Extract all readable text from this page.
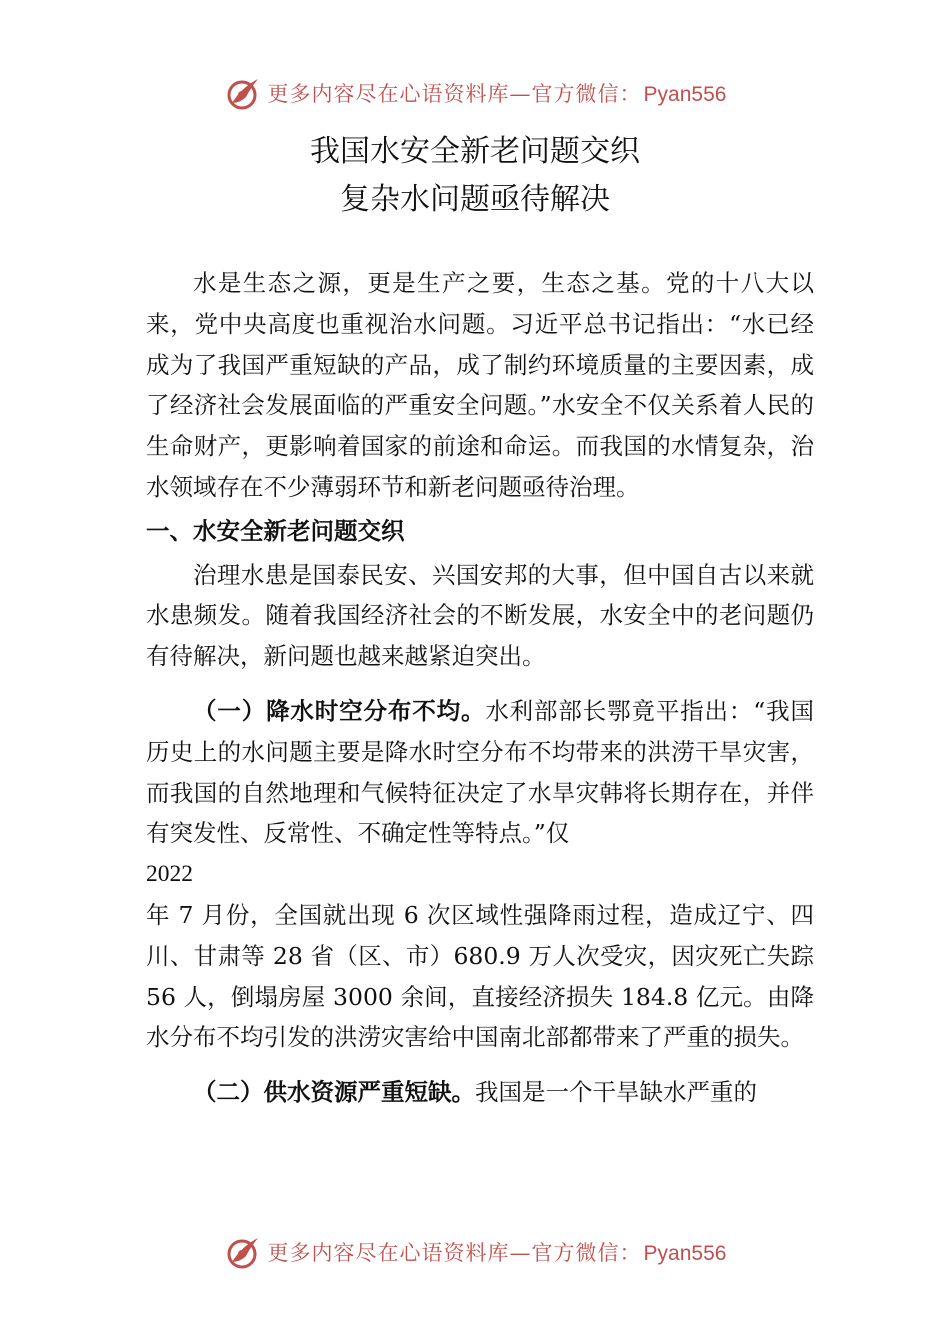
更多内容尽在心语资料库—官方微信：Pyan556
我国水安全新老问题交织
复杂水问题亟待解决

水是生态之源，更是生产之要，生态之基。党的十八大以来，党中央高度也重视治水问题。习近平总书记指出：“水已经成为了我国严重短缺的产品，成了制约环境质量的主要因素，成了经济社会发展面临的严重安全问题。”水安全不仅关系着人民的生命财产，更影响着国家的前途和命运。而我国的水情复杂，治水领域存在不少薄弱环节和新老问题亟待治理。

一、水安全新老问题交织

治理水患是国泰民安、兴国安邦的大事，但中国自古以来就水患频发。随着我国经济社会的不断发展，水安全中的老问题仍有待解决，新问题也越来越紧迫突出。

（一）降水时空分布不均。水利部部长鄂竟平指出：“我国历史上的水问题主要是降水时空分布不均带来的洪涝干旱灾害，而我国的自然地理和气候特征决定了水旱灾韩将长期存在，并伴有突发性、反常性、不确定性等特点。”仅

2022

年 7 月份，全国就出现 6 次区域性强降雨过程，造成辽宁、四川、甘肃等 28 省（区、市）680.9 万人次受灾，因灾死亡失踪 56 人，倒塌房屋 3000 余间，直接经济损失 184.8 亿元。由降水分布不均引发的洪涝灾害给中国南北部都带来了严重的损失。

（二）供水资源严重短缺。我国是一个干旱缺水严重的

更多内容尽在心语资料库—官方微信：Pyan556
